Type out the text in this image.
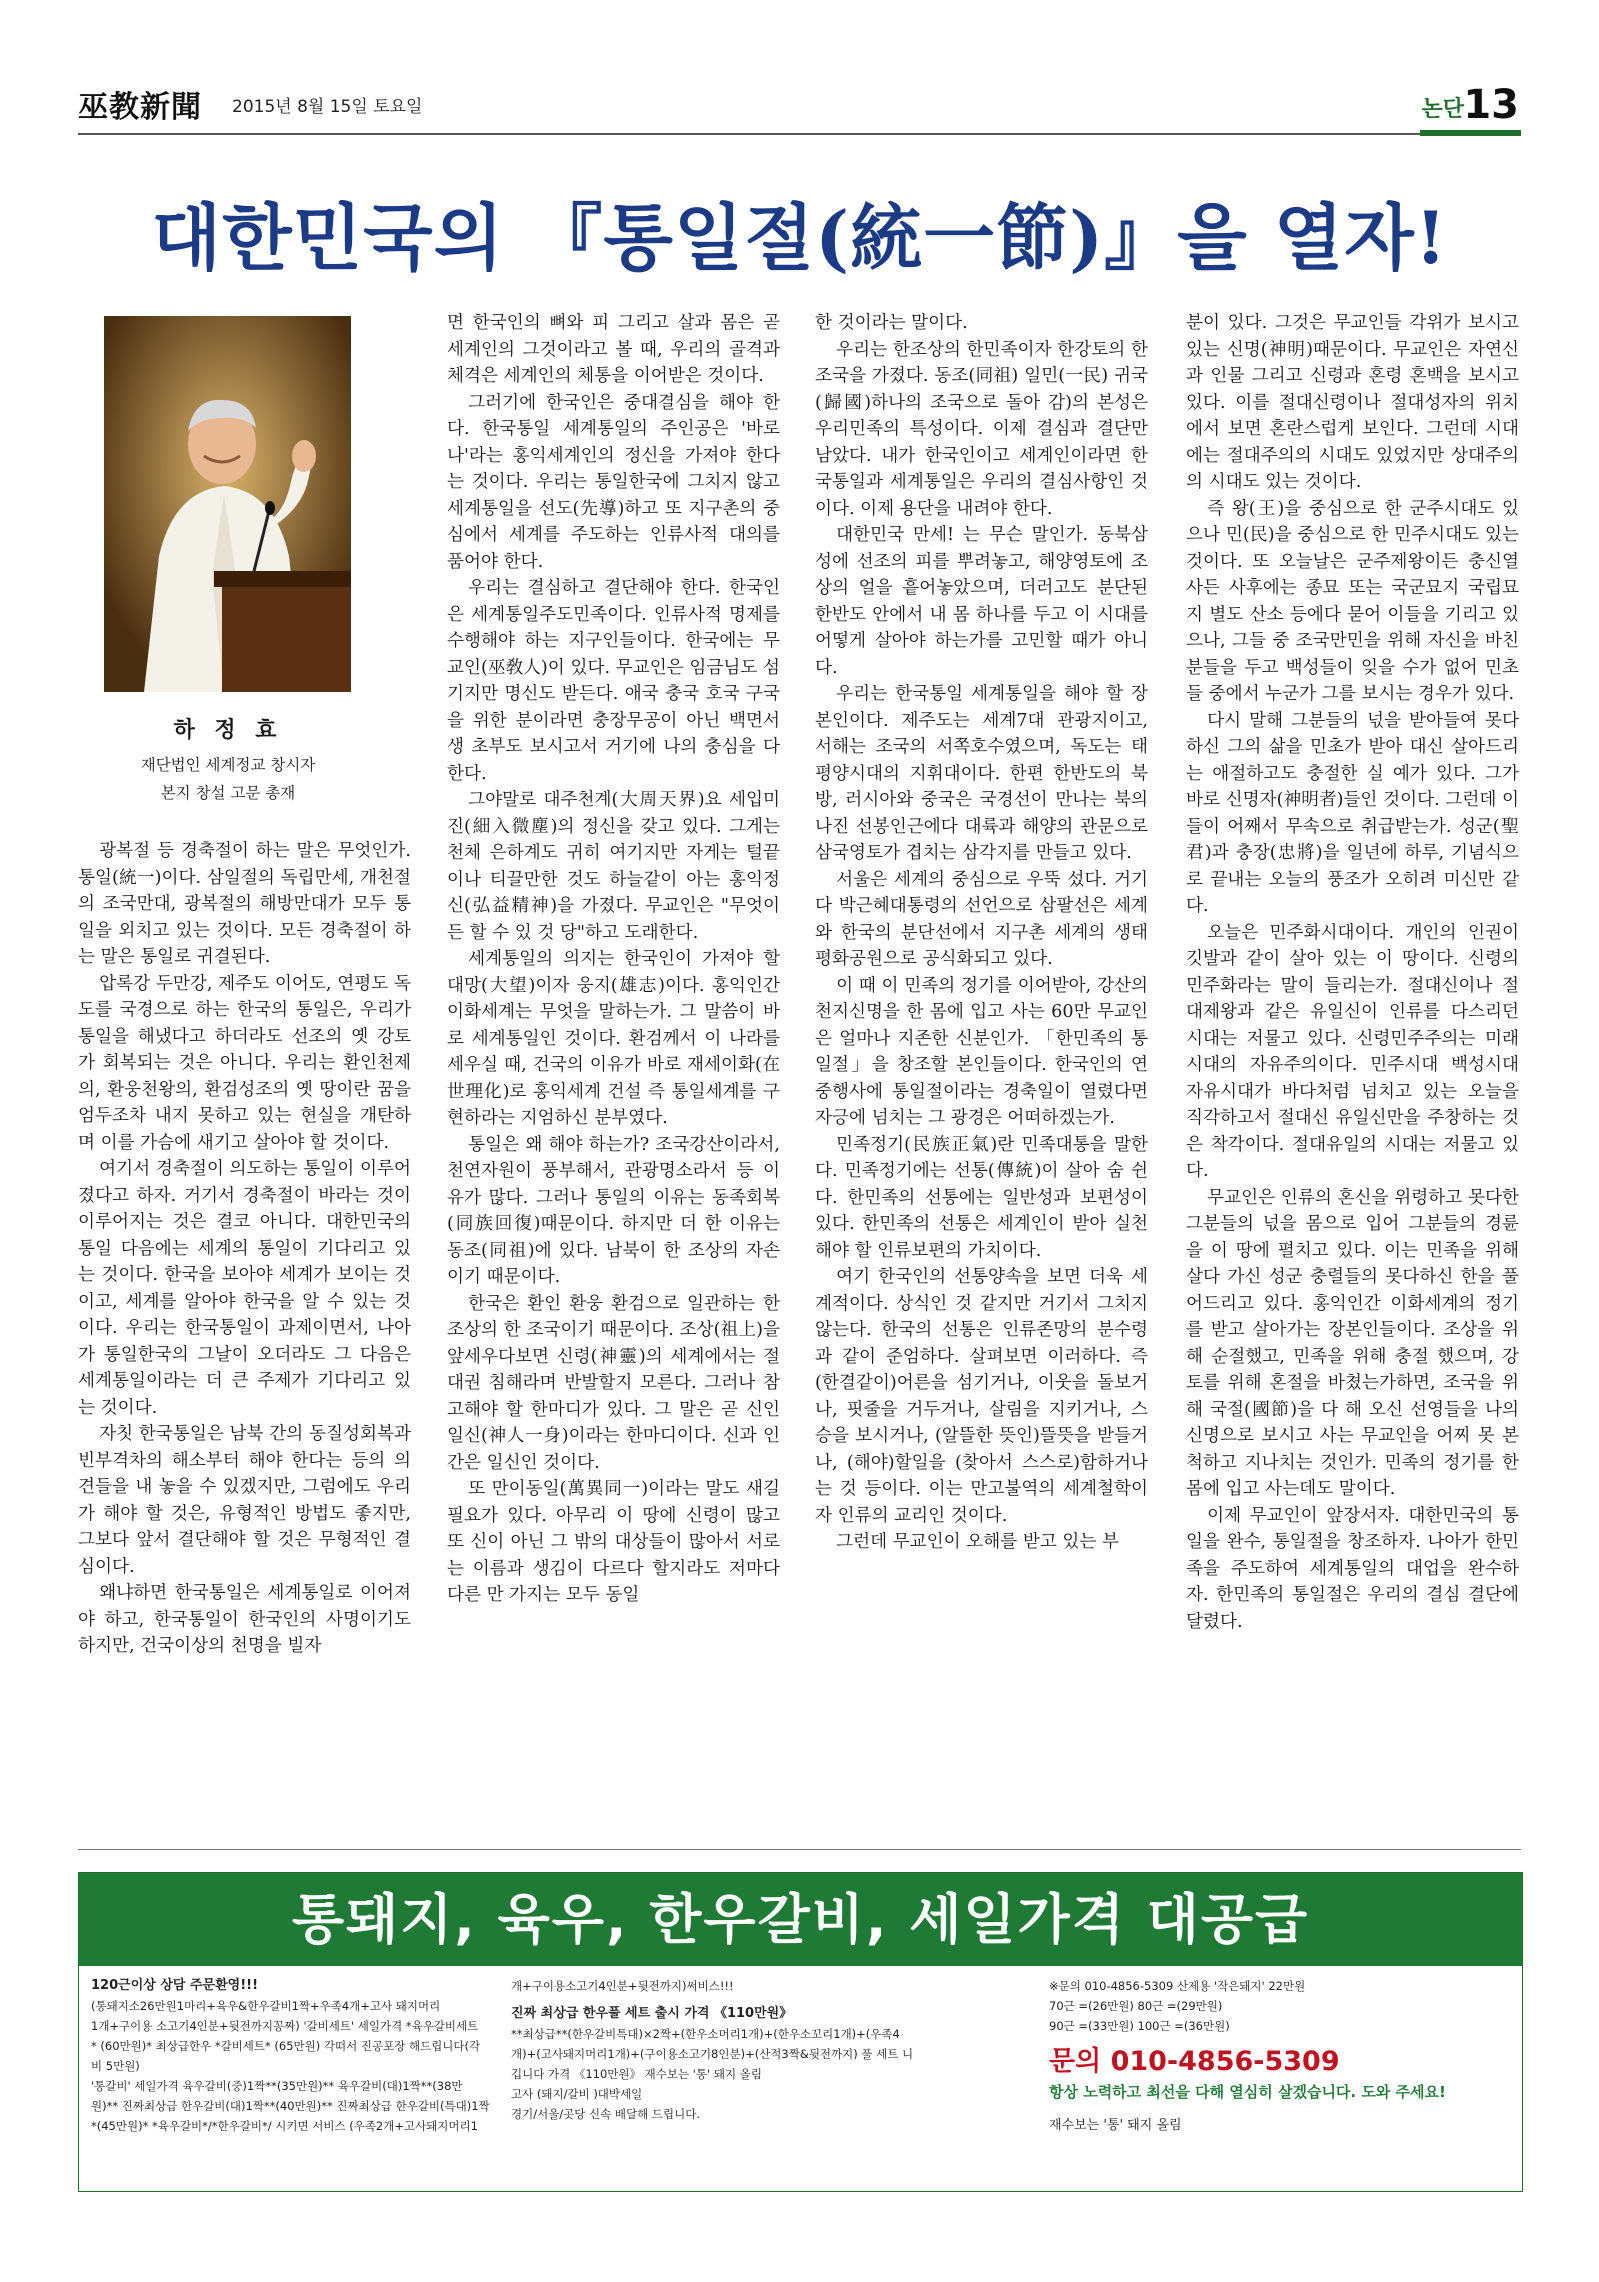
巫教新聞 2015년 8월 15일 토요일	논단 13
대한민국의 『통일절(統一節)』을 열자!
하 정 효
재단법인 세계정교 창시자
본지 창설 고문 총재

광복절 등 경축절이 하는 말은 무엇인가. 통일(統一)이다. 삼일절의 독립만세, 개천절의 조국만대, 광복절의 해방만대가 모두 통일을 외치고 있는 것이다. 모든 경축절이 하는 말은 통일로 귀결된다.

압록강 두만강, 제주도 이어도, 연평도 독도를 국경으로 하는 한국의 통일은, 우리가 통일을 해냈다고 하더라도 선조의 옛 강토가 회복되는 것은 아니다. 우리는 환인천제의, 환웅천왕의, 환검성조의 옛 땅이란 꿈을 엄두조차 내지 못하고 있는 현실을 개탄하며 이를 가슴에 새기고 살아야 할 것이다.

여기서 경축절이 의도하는 통일이 이루어졌다고 하자. 거기서 경축절이 바라는 것이 이루어지는 것은 결코 아니다. 대한민국의 통일 다음에는 세계의 통일이 기다리고 있는 것이다. 한국을 보아야 세계가 보이는 것이고, 세계를 알아야 한국을 알 수 있는 것이다. 우리는 한국통일이 과제이면서, 나아가 통일한국의 그날이 오더라도 그 다음은 세계통일이라는 더 큰 주제가 기다리고 있는 것이다.

자칫 한국통일은 남북 간의 동질성회복과 빈부격차의 해소부터 해야 한다는 등의 의견들을 내 놓을 수 있겠지만, 그럼에도 우리가 해야 할 것은, 유형적인 방법도 좋지만, 그보다 앞서 결단해야 할 것은 무형적인 결심이다.

왜냐하면 한국통일은 세계통일로 이어져야 하고, 한국통일이 한국인의 사명이기도 하지만, 건국이상의 천명을 빌자

면 한국인의 뼈와 피 그리고 살과 몸은 곧 세계인의 그것이라고 볼 때, 우리의 골격과 체격은 세계인의 체통을 이어받은 것이다.

그러기에 한국인은 중대결심을 해야 한다. 한국통일 세계통일의 주인공은 '바로 나'라는 홍익세계인의 정신을 가져야 한다는 것이다. 우리는 통일한국에 그치지 않고 세계통일을 선도(先導)하고 또 지구촌의 중심에서 세계를 주도하는 인류사적 대의를 품어야 한다.

우리는 결심하고 결단해야 한다. 한국인은 세계통일주도민족이다. 인류사적 명제를 수행해야 하는 지구인들이다. 한국에는 무교인(巫敎人)이 있다. 무교인은 임금님도 섬기지만 명신도 받든다. 애국 충국 호국 구국을 위한 분이라면 충장무공이 아닌 백면서생 초부도 보시고서 거기에 나의 충심을 다한다.

그야말로 대주천계(大周天界)요 세입미진(細入微塵)의 정신을 갖고 있다. 그게는 천체 은하계도 귀히 여기지만 자게는 털끝이나 티끌만한 것도 하늘같이 아는 홍익정신(弘益精神)을 가졌다. 무교인은 "무엇이든 할 수 있 것 당"하고 도래한다.

세계통일의 의지는 한국인이 가져야 할 대망(大望)이자 웅지(雄志)이다. 홍익인간 이화세계는 무엇을 말하는가. 그 말씀이 바로 세계통일인 것이다. 환검께서 이 나라를 세우실 때, 건국의 이유가 바로 재세이화(在世理化)로 홍익세계 건설 즉 통일세계를 구현하라는 지엄하신 분부였다.

통일은 왜 해야 하는가? 조국강산이라서, 천연자원이 풍부해서, 관광명소라서 등 이유가 많다. 그러나 통일의 이유는 동족회복(同族回復)때문이다. 하지만 더 한 이유는 동조(同祖)에 있다. 남북이 한 조상의 자손이기 때문이다.

한국은 환인 환웅 환검으로 일관하는 한 조상의 한 조국이기 때문이다. 조상(祖上)을 앞세우다보면 신령(神靈)의 세계에서는 절대권 침해라며 반발할지 모른다. 그러나 참고해야 할 한마디가 있다. 그 말은 곧 신인일신(神人一身)이라는 한마디이다. 신과 인간은 일신인 것이다.

또 만이동일(萬異同一)이라는 말도 새길 필요가 있다. 아무리 이 땅에 신령이 많고 또 신이 아닌 그 밖의 대상들이 많아서 서로는 이름과 생김이 다르다 할지라도 저마다 다른 만 가지는 모두 동일

한 것이라는 말이다.

우리는 한조상의 한민족이자 한강토의 한 조국을 가졌다. 동조(同祖) 일민(一民) 귀국(歸國)하나의 조국으로 돌아 감)의 본성은 우리민족의 특성이다. 이제 결심과 결단만 남았다. 내가 한국인이고 세계인이라면 한국통일과 세계통일은 우리의 결심사항인 것이다. 이제 용단을 내려야 한다.

대한민국 만세! 는 무슨 말인가. 동북삼성에 선조의 피를 뿌려놓고, 해양영토에 조상의 얼을 흩어놓았으며, 더러고도 분단된 한반도 안에서 내 몸 하나를 두고 이 시대를 어떻게 살아야 하는가를 고민할 때가 아니다.

우리는 한국통일 세계통일을 해야 할 장본인이다. 제주도는 세계7대 관광지이고, 서해는 조국의 서쪽호수였으며, 독도는 태평양시대의 지휘대이다. 한편 한반도의 북방, 러시아와 중국은 국경선이 만나는 북의 나진 선봉인근에다 대륙과 해양의 관문으로 삼국영토가 겹치는 삼각지를 만들고 있다.

서울은 세계의 중심으로 우뚝 섰다. 거기다 박근혜대통령의 선언으로 삼팔선은 세계와 한국의 분단선에서 지구촌 세계의 생태평화공원으로 공식화되고 있다.

이 때 이 민족의 정기를 이어받아, 강산의 천지신명을 한 몸에 입고 사는 60만 무교인은 얼마나 지존한 신분인가. 「한민족의 통일절」을 창조할 본인들이다. 한국인의 연중행사에 통일절이라는 경축일이 열렸다면 자긍에 넘치는 그 광경은 어떠하겠는가.

민족정기(民族正氣)란 민족대통을 말한다. 민족정기에는 선통(傳統)이 살아 숨 쉰다. 한민족의 선통에는 일반성과 보편성이 있다. 한민족의 선통은 세계인이 받아 실천해야 할 인류보편의 가치이다.

여기 한국인의 선통양속을 보면 더욱 세계적이다. 상식인 것 같지만 거기서 그치지 않는다. 한국의 선통은 인류존망의 분수령과 같이 준엄하다. 살펴보면 이러하다. 즉 (한결같이)어른을 섬기거나, 이웃을 돌보거나, 핏줄을 거두거나, 살림을 지키거나, 스승을 보시거나, (알뜰한 뜻인)뜰뜻을 받들거나, (해야)할일을 (찾아서 스스로)함하거나는 것 등이다. 이는 만고불역의 세계철학이자 인류의 교리인 것이다.

그런데 무교인이 오해를 받고 있는 부

분이 있다. 그것은 무교인들 각위가 보시고 있는 신명(神明)때문이다. 무교인은 자연신과 인물 그리고 신령과 혼령 혼백을 보시고 있다. 이를 절대신령이나 절대성자의 위치에서 보면 혼란스럽게 보인다. 그런데 시대에는 절대주의의 시대도 있었지만 상대주의의 시대도 있는 것이다.

즉 왕(王)을 중심으로 한 군주시대도 있으나 민(民)을 중심으로 한 민주시대도 있는 것이다. 또 오늘날은 군주제왕이든 충신열사든 사후에는 종묘 또는 국군묘지 국립묘지 별도 산소 등에다 묻어 이들을 기리고 있으나, 그들 중 조국만민을 위해 자신을 바친 분들을 두고 백성들이 잊을 수가 없어 민초들 중에서 누군가 그를 보시는 경우가 있다.

다시 말해 그분들의 넋을 받아들여 못다하신 그의 삶을 민초가 받아 대신 살아드리는 애절하고도 충절한 실 예가 있다. 그가 바로 신명자(神明者)들인 것이다. 그런데 이들이 어째서 무속으로 취급받는가. 성군(聖君)과 충장(忠將)을 일년에 하루, 기념식으로 끝내는 오늘의 풍조가 오히려 미신만 같다.

오늘은 민주화시대이다. 개인의 인권이 깃발과 같이 살아 있는 이 땅이다. 신령의 민주화라는 말이 들리는가. 절대신이나 절대제왕과 같은 유일신이 인류를 다스리던 시대는 저물고 있다. 신령민주주의는 미래시대의 자유주의이다. 민주시대 백성시대 자유시대가 바다처럼 넘치고 있는 오늘을 직각하고서 절대신 유일신만을 주창하는 것은 착각이다. 절대유일의 시대는 저물고 있다.

무교인은 인류의 혼신을 위령하고 못다한 그분들의 넋을 몸으로 입어 그분들의 경륜을 이 땅에 펼치고 있다. 이는 민족을 위해 살다 가신 성군 충렬들의 못다하신 한을 풀어드리고 있다. 홍익인간 이화세계의 정기를 받고 살아가는 장본인들이다. 조상을 위해 순절했고, 민족을 위해 충절 했으며, 강토를 위해 혼절을 바쳤는가하면, 조국을 위해 국절(國節)을 다 해 오신 선영들을 나의 신명으로 보시고 사는 무교인을 어찌 못 본 척하고 지나치는 것인가. 민족의 정기를 한 몸에 입고 사는데도 말이다.

이제 무교인이 앞장서자. 대한민국의 통일을 완수, 통일절을 창조하자. 나아가 한민족을 주도하여 세계통일의 대업을 완수하자. 한민족의 통일절은 우리의 결심 결단에 달렸다.

통돼지, 육우, 한우갈비, 세일가격 대공급
120근이상 상담 주문환영!!!
(통돼지소26만원1마리+육우&한우갈비1짝+우족4개+고사 돼지머리
1개+구이용 소고기4인분+뒷전까지꽁짜) '갈비세트' 세일가격 *육우갈비세트
* (60만원)* 최상급한우 *갈비세트* (65만원) 각떠서 진공포장 해드립니다(각
비 5만원)
'통갈비' 세일가격 육우갈비(중)1짝**(35만원)** 육우갈비(대)1짝**(38만
원)** 진짜최상급 한우갈비(대)1짝**(40만원)** 진짜최상급 한우갈비(특대)1짝
*(45만원)* *육우갈비*/*한우갈비*/ 시키면 서비스 (우족2개+고사돼지머리1
개+구이용소고기4인분+뒷전까지)써비스!!!
진짜 최상급 한우풀 세트 출시 가격 《110만원》
**최상급**(한우갈비특대)×2짝+(한우소머리1개)+(한우소꼬리1개)+(우족4
개)+(고사돼지머리1개)+(구이용소고기8인분)+(산적3짝&뒷전까지) 풀 세트 니
깁니다 가격 《110만원》 재수보는 '통' 돼지 올림
고사 (돼지/갈비 )대박세일
경기/서울/곳당 신속 배달해 드립니다.
※문의 010-4856-5309 산제용 '작은돼지' 22만원
70근 =(26만원) 80근 =(29만원)
90근 =(33만원) 100근 =(36만원)
문의 010-4856-5309
항상 노력하고 최선을 다해 열심히 살겠습니다. 도와 주세요!
재수보는 '통' 돼지 올림
